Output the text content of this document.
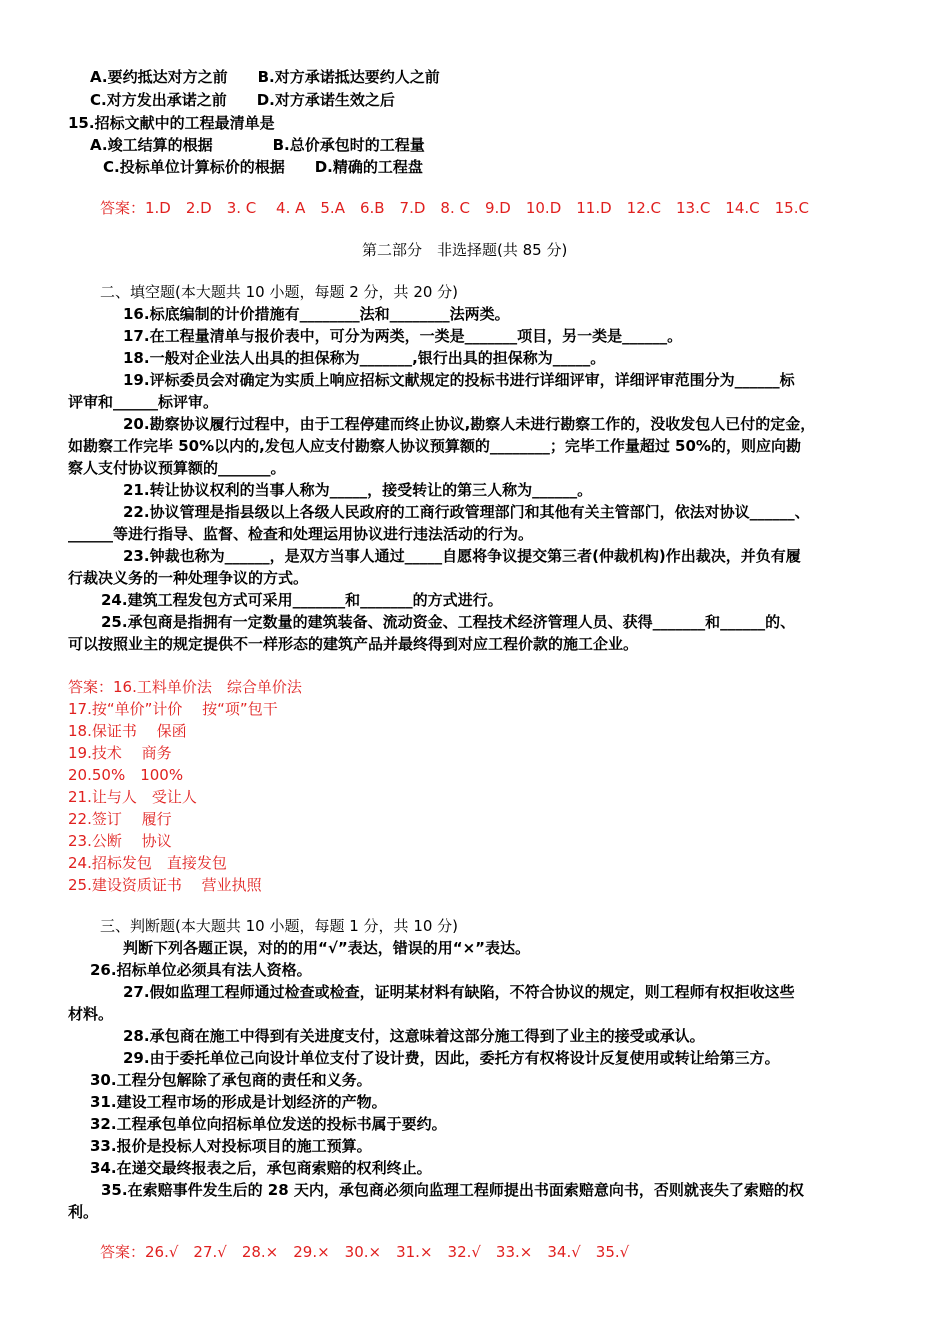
A.要约抵达对方之前　　B.对方承诺抵达要约人之前
C.对方发出承诺之前　　D.对方承诺生效之后
15.招标文献中的工程最清单是
A.竣工结算的根据　　　　B.总价承包时的工程量
C.投标单位计算标价的根据　　D.精确的工程盘
答案：1.D　2.D　3. C　 4. A　5.A　6.B　7.D　8. C　9.D　10.D　11.D　12.C　13.C　14.C　15.C
第二部分　非选择题(共 85 分)
二、填空题(本大题共 10 小题，每题 2 分，共 20 分)
16.标底编制的计价措施有________法和________法两类。
17.在工程量清单与报价表中，可分为两类，一类是_______项目，另一类是______。
18.一般对企业法人出具的担保称为_______,银行出具的担保称为_____。
19.评标委员会对确定为实质上响应招标文献规定的投标书进行详细评审，详细评审范围分为______标
评审和______标评审。
20.勘察协议履行过程中，由于工程停建而终止协议,勘察人未进行勘察工作的，没收发包人已付的定金，
如勘察工作完毕 50%以内的,发包人应支付勘察人协议预算额的________；完毕工作量超过 50%的，则应向勘
察人支付协议预算额的_______。
21.转让协议权利的当事人称为_____，接受转让的第三人称为______。
22.协议管理是指县级以上各级人民政府的工商行政管理部门和其他有关主管部门，依法对协议______、
______等进行指导、监督、检查和处理运用协议进行违法活动的行为。
23.钟裁也称为______，是双方当事人通过_____自愿将争议提交第三者(仲裁机构)作出裁决，并负有履
行裁决义务的一种处理争议的方式。
24.建筑工程发包方式可采用_______和_______的方式进行。
25.承包商是指拥有一定数量的建筑装备、流动资金、工程技术经济管理人员、获得_______和______的、
可以按照业主的规定提供不一样形态的建筑产品并最终得到对应工程价款的施工企业。
答案：16.工料单价法　综合单价法
17.按“单价”计价　 按“项”包干
18.保证书　 保函
19.技术　 商务
20.50%　100%
21.让与人　受让人
22.签订　 履行
23.公断　 协议
24.招标发包　直接发包
25.建设资质证书　 营业执照
三、判断题(本大题共 10 小题，每题 1 分，共 10 分)
判断下列各题正误，对的的用“√”表达，错误的用“×”表达。
26.招标单位必须具有法人资格。
27.假如监理工程师通过检查或检查，证明某材料有缺陷，不符合协议的规定，则工程师有权拒收这些
材料。
28.承包商在施工中得到有关进度支付，这意味着这部分施工得到了业主的接受或承认。
29.由于委托单位己向设计单位支付了设计费，因此，委托方有权将设计反复使用或转让给第三方。
30.工程分包解除了承包商的责任和义务。
31.建设工程市场的形成是计划经济的产物。
32.工程承包单位向招标单位发送的投标书属于要约。
33.报价是投标人对投标项目的施工预算。
34.在递交最终报表之后，承包商索赔的权利终止。
35.在索赔事件发生后的 28 天内，承包商必须向监理工程师提出书面索赔意向书，否则就丧失了索赔的权
利。
答案：26.√　27.√　28.×　29.×　30.×　31.×　32.√　33.×　34.√　35.√
